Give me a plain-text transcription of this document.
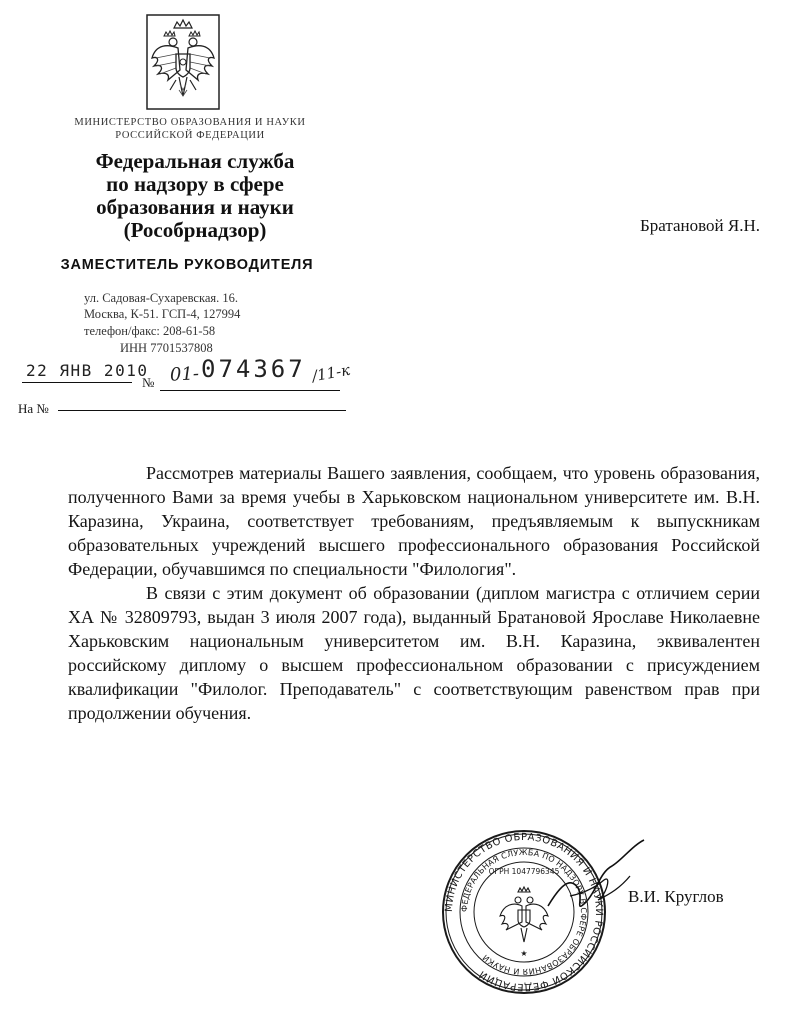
МИНИСТЕРСТВО ОБРАЗОВАНИЯ И НАУКИ
РОССИЙСКОЙ ФЕДЕРАЦИИ
Федеральная служба
по надзору в сфере
образования и науки
(Рособрнадзор)
ЗАМЕСТИТЕЛЬ РУКОВОДИТЕЛЯ
ул. Садовая-Сухаревская. 16.
Москва, К-51. ГСП-4, 127994
телефон/факс: 208-61-58
ИНН 7701537808
Братановой Я.Н.
22 ЯНВ 2010
№ 01- 074367 /11-к
На №

Рассмотрев материалы Вашего заявления, сообщаем, что уровень образования, полученного Вами за время учебы в Харьковском национальном университете им. В.Н. Каразина, Украина, соответствует требованиям, предъявляемым к выпускникам образовательных учреждений высшего профессионального образования Российской Федерации, обучавшимся по специальности "Филология".

В связи с этим документ об образовании (диплом магистра с отличием серии ХА № 32809793, выдан 3 июля 2007 года), выданный Братановой Ярославе Николаевне Харьковским национальным университетом им. В.Н. Каразина, эквивалентен российскому диплому о высшем профессиональном образовании с присуждением квалификации "Филолог. Преподаватель" с соответствующим равенством прав при продолжении обучения.

МИНИСТЕРСТВО ОБРАЗОВАНИЯ И НАУКИ РОССИЙСКОЙ ФЕДЕРАЦИИ
ФЕДЕРАЛЬНАЯ СЛУЖБА ПО НАДЗОРУ В СФЕРЕ ОБРАЗОВАНИЯ И НАУКИ
ОГРН 1047796345
★
В.И. Круглов
